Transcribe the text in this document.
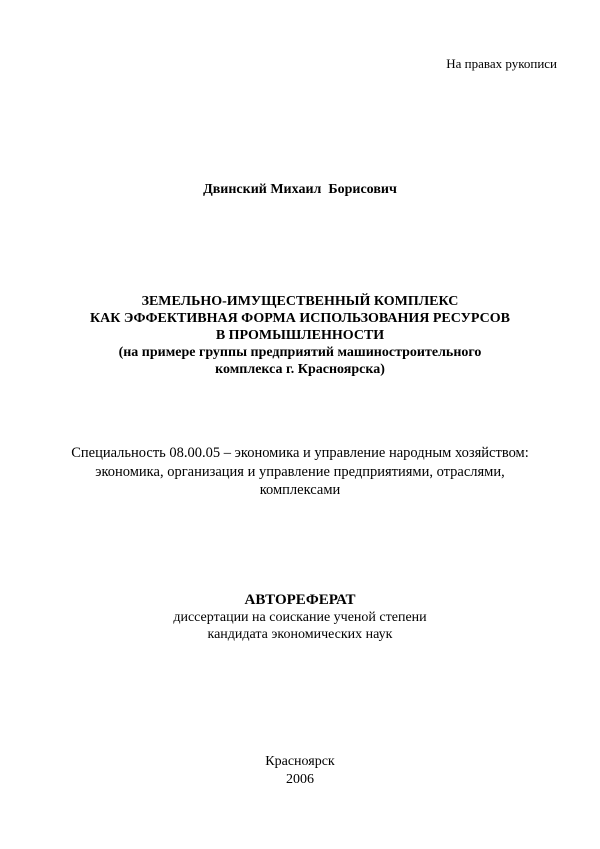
На правах рукописи
Двинский Михаил  Борисович
ЗЕМЕЛЬНО-ИМУЩЕСТВЕННЫЙ КОМПЛЕКС
КАК ЭФФЕКТИВНАЯ ФОРМА ИСПОЛЬЗОВАНИЯ РЕСУРСОВ
В ПРОМЫШЛЕННОСТИ
(на примере группы предприятий машиностроительного
комплекса г. Красноярска)
Специальность 08.00.05 – экономика и управление народным хозяйством:
экономика, организация и управление предприятиями, отраслями,
комплексами
АВТОРЕФЕРАТ
диссертации на соискание ученой степени
кандидата экономических наук
Красноярск
2006
